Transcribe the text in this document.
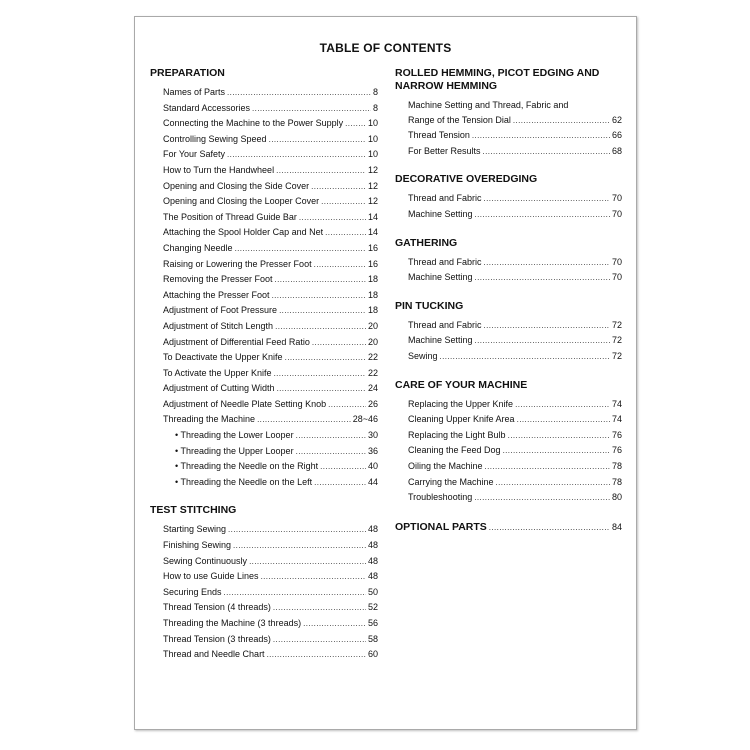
TABLE OF CONTENTS
PREPARATION
Names of Parts .....	8
Standard Accessories .....	8
Connecting the Machine to the Power Supply .....	10
Controlling Sewing Speed .....	10
For Your Safety .....	10
How to Turn the Handwheel .....	12
Opening and Closing the Side Cover .....	12
Opening and Closing the Looper Cover .....	12
The Position of Thread Guide Bar .....	14
Attaching the Spool Holder Cap and Net .....	14
Changing Needle .....	16
Raising or Lowering the Presser Foot .....	16
Removing the Presser Foot .....	18
Attaching the Presser Foot .....	18
Adjustment of Foot Pressure .....	18
Adjustment of Stitch Length .....	20
Adjustment of Differential Feed Ratio .....	20
To Deactivate the Upper Knife .....	22
To Activate the Upper Knife .....	22
Adjustment of Cutting Width .....	24
Adjustment of Needle Plate Setting Knob .....	26
Threading the Machine .....	28~46
• Threading the Lower Looper .....	30
• Threading the Upper Looper .....	36
• Threading the Needle on the Right .....	40
• Threading the Needle on the Left .....	44
TEST STITCHING
Starting Sewing .....	48
Finishing Sewing .....	48
Sewing Continuously .....	48
How to use Guide Lines .....	48
Securing Ends .....	50
Thread Tension (4 threads) .....	52
Threading the Machine (3 threads) .....	56
Thread Tension (3 threads) .....	58
Thread and Needle Chart .....	60
ROLLED HEMMING, PICOT EDGING AND
NARROW HEMMING
Machine Setting and Thread, Fabric and
Range of the Tension Dial .....	62
Thread Tension .....	66
For Better Results .....	68
DECORATIVE OVEREDGING
Thread and Fabric .....	70
Machine Setting .....	70
GATHERING
Thread and Fabric .....	70
Machine Setting .....	70
PIN TUCKING
Thread and Fabric .....	72
Machine Setting .....	72
Sewing .....	72
CARE OF YOUR MACHINE
Replacing the Upper Knife .....	74
Cleaning Upper Knife Area .....	74
Replacing the Light Bulb .....	76
Cleaning the Feed Dog .....	76
Oiling the Machine .....	78
Carrying the Machine .....	78
Troubleshooting .....	80
OPTIONAL PARTS .....	84
